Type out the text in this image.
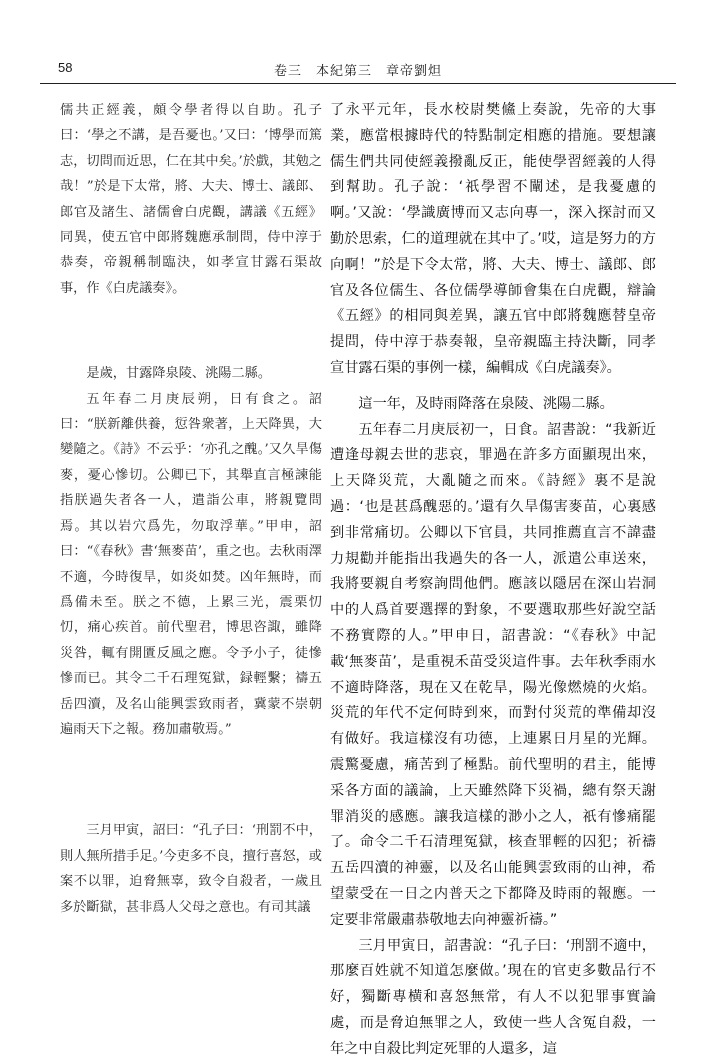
58	卷三　本紀第三　章帝劉炟

儒共正經義，頗令學者得以自助。孔子曰：‘學之不講，是吾憂也。’又曰：‘博學而篤志，切問而近思，仁在其中矣。’於戲，其勉之哉！”於是下太常，將、大夫、博士、議郎、郎官及諸生、諸儒會白虎觀，講議《五經》同異，使五官中郎將魏應承制問，侍中淳于恭奏，帝親稱制臨決，如孝宣甘露石渠故事，作《白虎議奏》。

是歲，甘露降泉陵、洮陽二縣。

五年春二月庚辰朔，日有食之。詔曰：“朕新離供養，愆咎衆著，上天降異，大變隨之。《詩》不云乎：‘亦孔之醜。’又久旱傷麥，憂心慘切。公卿已下，其舉直言極諫能指朕過失者各一人，遣詣公車，將親覽問焉。其以岩穴爲先，勿取浮華。”甲申，詔曰：“《春秋》書‘無麥苗’，重之也。去秋雨澤不適，今時復旱，如炎如焚。凶年無時，而爲備未至。朕之不德，上累三光，震栗忉忉，痛心疾首。前代聖君，博思咨諏，雖降災咎，輒有開匱反風之應。令予小子，徒慘慘而已。其令二千石理冤獄，録輕繫；禱五岳四瀆，及名山能興雲致雨者，冀蒙不崇朝遍雨天下之報。務加肅敬焉。”

三月甲寅，詔曰：“孔子曰：‘刑罰不中，則人無所措手足。’今吏多不良，擅行喜怒，或案不以罪，迫脅無辜，致令自殺者，一歲且多於斷獄，甚非爲人父母之意也。有司其議

了永平元年，長水校尉樊鯈上奏說，先帝的大事業，應當根據時代的特點制定相應的措施。要想讓儒生們共同使經義撥亂反正，能使學習經義的人得到幫助。孔子說：‘祇學習不闡述，是我憂慮的啊。’又說：‘學識廣博而又志向專一，深入探討而又勤於思索，仁的道理就在其中了。’哎，這是努力的方向啊！”於是下令太常，將、大夫、博士、議郎、郎官及各位儒生、各位儒學導師會集在白虎觀，辯論《五經》的相同與差異，讓五官中郎將魏應替皇帝提問，侍中淳于恭奏報，皇帝親臨主持決斷，同孝宣甘露石渠的事例一樣，編輯成《白虎議奏》。

這一年，及時雨降落在泉陵、洮陽二縣。

五年春二月庚辰初一，日食。詔書說：“我新近遭逢母親去世的悲哀，罪過在許多方面顯現出來，上天降災荒，大亂隨之而來。《詩經》裏不是說過：‘也是甚爲醜惡的。’還有久旱傷害麥苗，心裏感到非常痛切。公卿以下官員，共同推薦直言不諱盡力規勸并能指出我過失的各一人，派遣公車送來，我將要親自考察詢問他們。應該以隱居在深山岩洞中的人爲首要選擇的對象，不要選取那些好說空話不務實際的人。”甲申日，詔書說：“《春秋》中記載‘無麥苗’，是重視禾苗受災這件事。去年秋季雨水不適時降落，現在又在乾旱，陽光像燃燒的火焰。災荒的年代不定何時到來，而對付災荒的準備却沒有做好。我這樣沒有功德，上連累日月星的光輝。震驚憂慮，痛苦到了極點。前代聖明的君主，能博采各方面的議論，上天雖然降下災禍，總有祭天謝罪消災的感應。讓我這樣的渺小之人，祇有慘痛罷了。命令二千石清理冤獄，核查罪輕的囚犯；祈禱五岳四瀆的神靈，以及名山能興雲致雨的山神，希望蒙受在一日之内普天之下都降及時雨的報應。一定要非常嚴肅恭敬地去向神靈祈禱。”

三月甲寅日，詔書說：“孔子曰：‘刑罰不適中，那麼百姓就不知道怎麼做。’現在的官吏多數品行不好，獨斷專横和喜怒無常，有人不以犯罪事實論處，而是脅迫無罪之人，致使一些人含冤自殺，一年之中自殺比判定死罪的人還多，這
